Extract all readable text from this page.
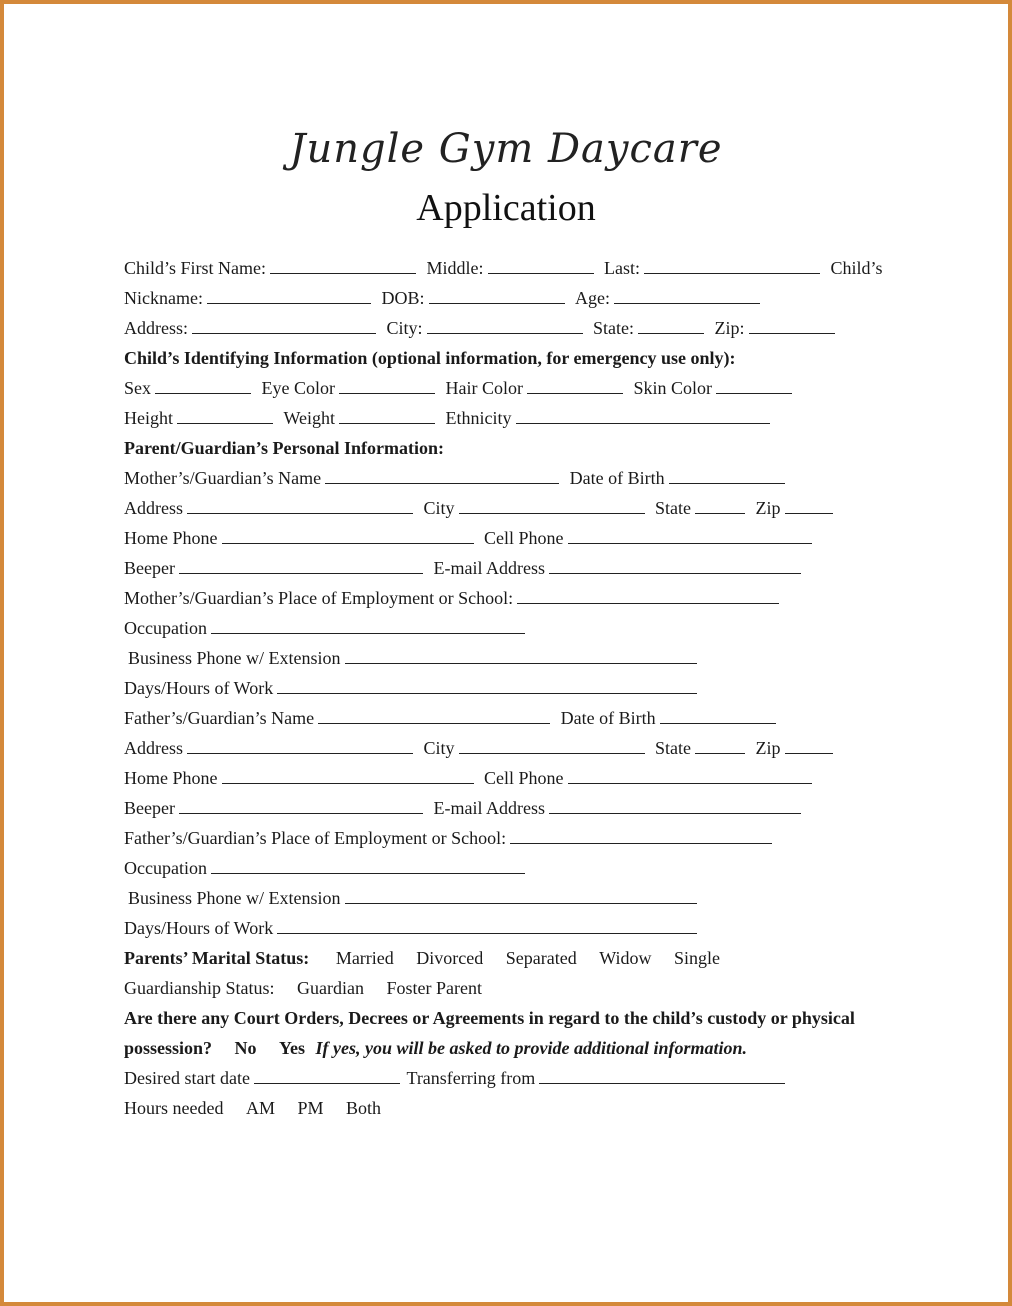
Jungle Gym Daycare
Application
Child’s First Name:	Middle:	Last:	Child’s
Nickname:	DOB:	Age:
Address:	City:	State:	Zip:
Child’s Identifying Information (optional information, for emergency use only):
Sex	Eye Color	Hair Color	Skin Color
Height	Weight	Ethnicity
Parent/Guardian’s Personal Information:
Mother’s/Guardian’s Name	Date of Birth
Address	City	State	Zip
Home Phone	Cell Phone
Beeper	E-mail Address
Mother’s/Guardian’s Place of Employment or School:
Occupation
Business Phone w/ Extension
Days/Hours of Work
Father’s/Guardian’s Name	Date of Birth
Address	City	State	Zip
Home Phone	Cell Phone
Beeper	E-mail Address
Father’s/Guardian’s Place of Employment or School:
Occupation
Business Phone w/ Extension
Days/Hours of Work
Parents’ Marital Status: Married Divorced Separated Widow Single
Guardianship Status: Guardian Foster Parent
Are there any Court Orders, Decrees or Agreements in regard to the child’s custody or physical
possession? No Yes If yes, you will be asked to provide additional information.
Desired start date	Transferring from
Hours needed AM PM Both
